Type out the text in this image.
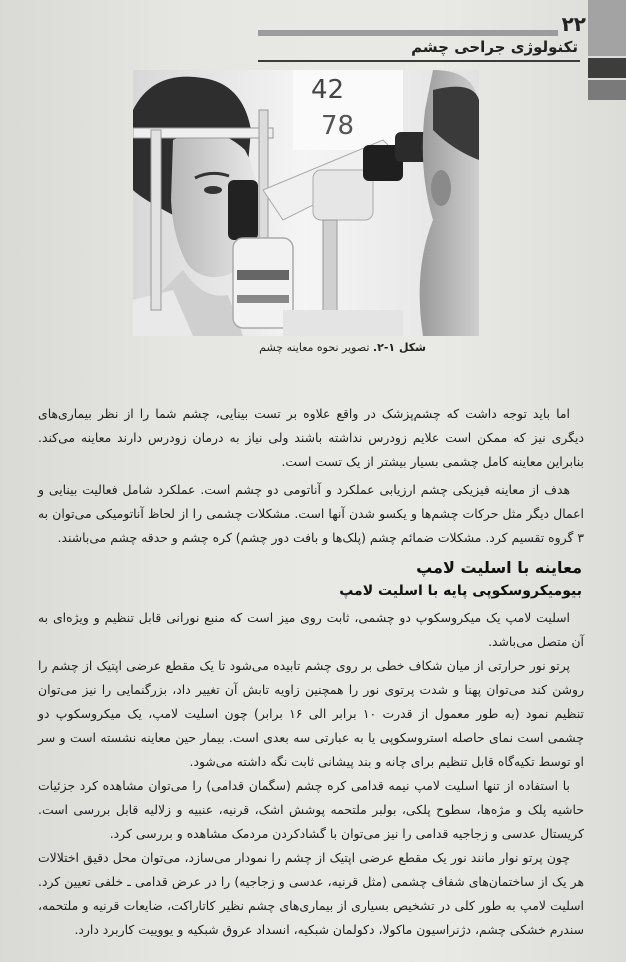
۲۲
تکنولوژی جراحی چشم
42
78
شکل ۱-۲. تصویر نحوه معاینه چشم

اما باید توجه داشت که چشم‌پزشک در واقع علاوه بر تست بینایی، چشم شما را از نظر بیماری‌های دیگری نیز که ممکن است علایم زودرس نداشته باشند ولی نیاز به درمان زودرس دارند معاینه می‌کند. بنابراین معاینه کامل چشمی بسیار بیشتر از یک تست است.

هدف از معاینه فیزیکی چشم ارزیابی عملکرد و آناتومی دو چشم است. عملکرد شامل فعالیت بینایی و اعمال دیگر مثل حرکات چشم‌ها و یکسو شدن آنها است. مشکلات چشمی را از لحاظ آناتومیکی می‌توان به ۳ گروه تقسیم کرد. مشکلات ضمائم چشم (پلک‌ها و بافت دور چشم) کره چشم و حدقه چشم می‌باشند.

معاینه با اسلیت لامپ
بیومیکروسکوپی پایه با اسلیت لامپ

اسلیت لامپ یک میکروسکوپ دو چشمی، ثابت روی میز است که منبع نورانی قابل تنظیم و ویژه‌ای به آن متصل می‌باشد.

پرتو نور حرارتی از میان شکاف خطی بر روی چشم تابیده می‌شود تا یک مقطع عرضی اپتیک از چشم را روشن کند می‌توان پهنا و شدت پرتوی نور را همچنین زاویه تابش آن تغییر داد، بزرگنمایی را نیز می‌توان تنظیم نمود (به طور معمول از قدرت ۱۰ برابر الی ۱۶ برابر) چون اسلیت لامپ، یک میکروسکوپ دو چشمی است نمای حاصله استروسکوپی یا به عبارتی سه بعدی است. بیمار حین معاینه نشسته است و سر او توسط تکیه‌گاه قابل تنظیم برای چانه و بند پیشانی ثابت نگه داشته می‌شود.

با استفاده از تنها اسلیت لامپ نیمه قدامی کره چشم (سگمان قدامی) را می‌توان مشاهده کرد جزئیات حاشیه پلک و مژه‌ها، سطوح پلکی، بولبر ملتحمه پوشش اشک، قرنیه، عنبیه و زلالیه قابل بررسی است. کریستال عدسی و زجاجیه قدامی را نیز می‌توان با گشادکردن مردمک مشاهده و بررسی کرد.

چون پرتو نوار مانند نور یک مقطع عرضی اپتیک از چشم را نمودار می‌سازد، می‌توان محل دقیق اختلالات هر یک از ساختمان‌های شفاف چشمی (مثل قرنیه، عدسی و زجاجیه) را در عرض قدامی ـ خلفی تعیین کرد. اسلیت لامپ به طور کلی در تشخیص بسیاری از بیماری‌های چشم نظیر کاتاراکت، ضایعات قرنیه و ملتحمه، سندرم خشکی چشم، دژنراسیون ماکولا، دکولمان شبکیه، انسداد عروق شبکیه و یووییت کاربرد دارد.
